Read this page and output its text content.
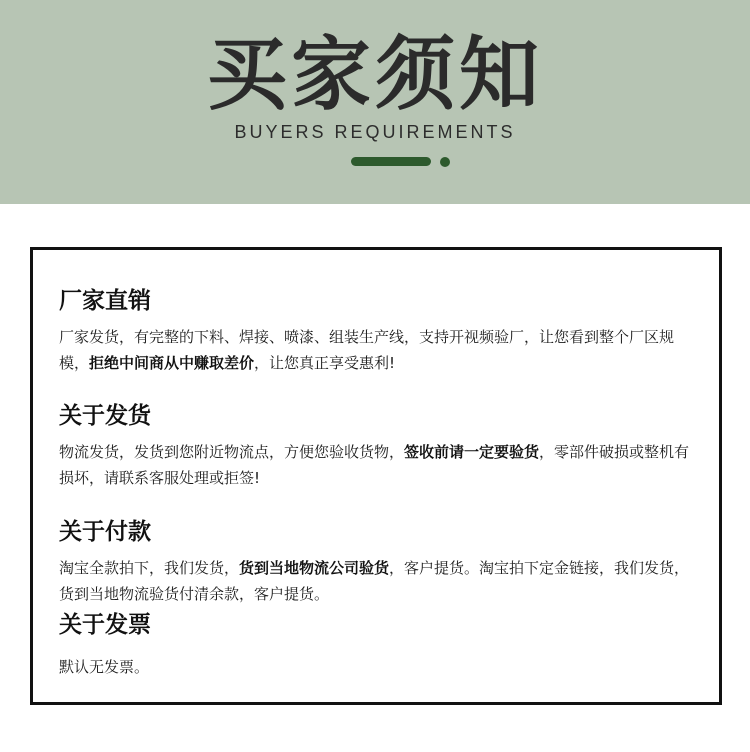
买家须知
BUYERS REQUIREMENTS
厂家直销

厂家发货，有完整的下料、焊接、喷漆、组装生产线，支持开视频验厂，让您看到整个厂区规模，拒绝中间商从中赚取差价，让您真正享受惠利!

关于发货

物流发货，发货到您附近物流点，方便您验收货物，签收前请一定要验货，零部件破损或整机有损坏，请联系客服处理或拒签!

关于付款

淘宝全款拍下，我们发货，货到当地物流公司验货，客户提货。淘宝拍下定金链接，我们发货，货到当地物流验货付清余款，客户提货。

关于发票

默认无发票。
